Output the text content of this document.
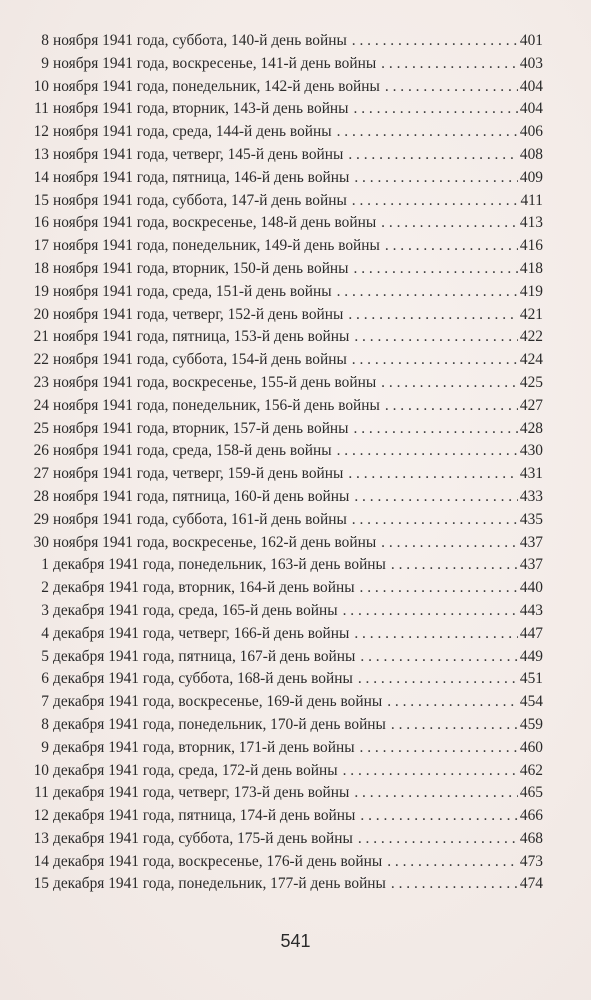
8 ноября 1941 года, суббота, 140-й день войны . . .	401
9 ноября 1941 года, воскресенье, 141-й день войны . . .	403
10 ноября 1941 года, понедельник, 142-й день войны . . .	404
11 ноября 1941 года, вторник, 143-й день войны . . .	404
12 ноября 1941 года, среда, 144-й день войны . . .	406
13 ноября 1941 года, четверг, 145-й день войны . . .	408
14 ноября 1941 года, пятница, 146-й день войны . . .	409
15 ноября 1941 года, суббота, 147-й день войны . . .	411
16 ноября 1941 года, воскресенье, 148-й день войны . . .	413
17 ноября 1941 года, понедельник, 149-й день войны . . .	416
18 ноября 1941 года, вторник, 150-й день войны . . .	418
19 ноября 1941 года, среда, 151-й день войны . . .	419
20 ноября 1941 года, четверг, 152-й день войны . . .	421
21 ноября 1941 года, пятница, 153-й день войны . . .	422
22 ноября 1941 года, суббота, 154-й день войны . . .	424
23 ноября 1941 года, воскресенье, 155-й день войны . . .	425
24 ноября 1941 года, понедельник, 156-й день войны . . .	427
25 ноября 1941 года, вторник, 157-й день войны . . .	428
26 ноября 1941 года, среда, 158-й день войны . . .	430
27 ноября 1941 года, четверг, 159-й день войны . . .	431
28 ноября 1941 года, пятница, 160-й день войны . . .	433
29 ноября 1941 года, суббота, 161-й день войны . . .	435
30 ноября 1941 года, воскресенье, 162-й день войны . . .	437
1 декабря 1941 года, понедельник, 163-й день войны . . .	437
2 декабря 1941 года, вторник, 164-й день войны . . .	440
3 декабря 1941 года, среда, 165-й день войны . . .	443
4 декабря 1941 года, четверг, 166-й день войны . . .	447
5 декабря 1941 года, пятница, 167-й день войны . . .	449
6 декабря 1941 года, суббота, 168-й день войны . . .	451
7 декабря 1941 года, воскресенье, 169-й день войны . . .	454
8 декабря 1941 года, понедельник, 170-й день войны . . .	459
9 декабря 1941 года, вторник, 171-й день войны . . .	460
10 декабря 1941 года, среда, 172-й день войны . . .	462
11 декабря 1941 года, четверг, 173-й день войны . . .	465
12 декабря 1941 года, пятница, 174-й день войны . . .	466
13 декабря 1941 года, суббота, 175-й день войны . . .	468
14 декабря 1941 года, воскресенье, 176-й день войны . . .	473
15 декабря 1941 года, понедельник, 177-й день войны . . .	474
541
